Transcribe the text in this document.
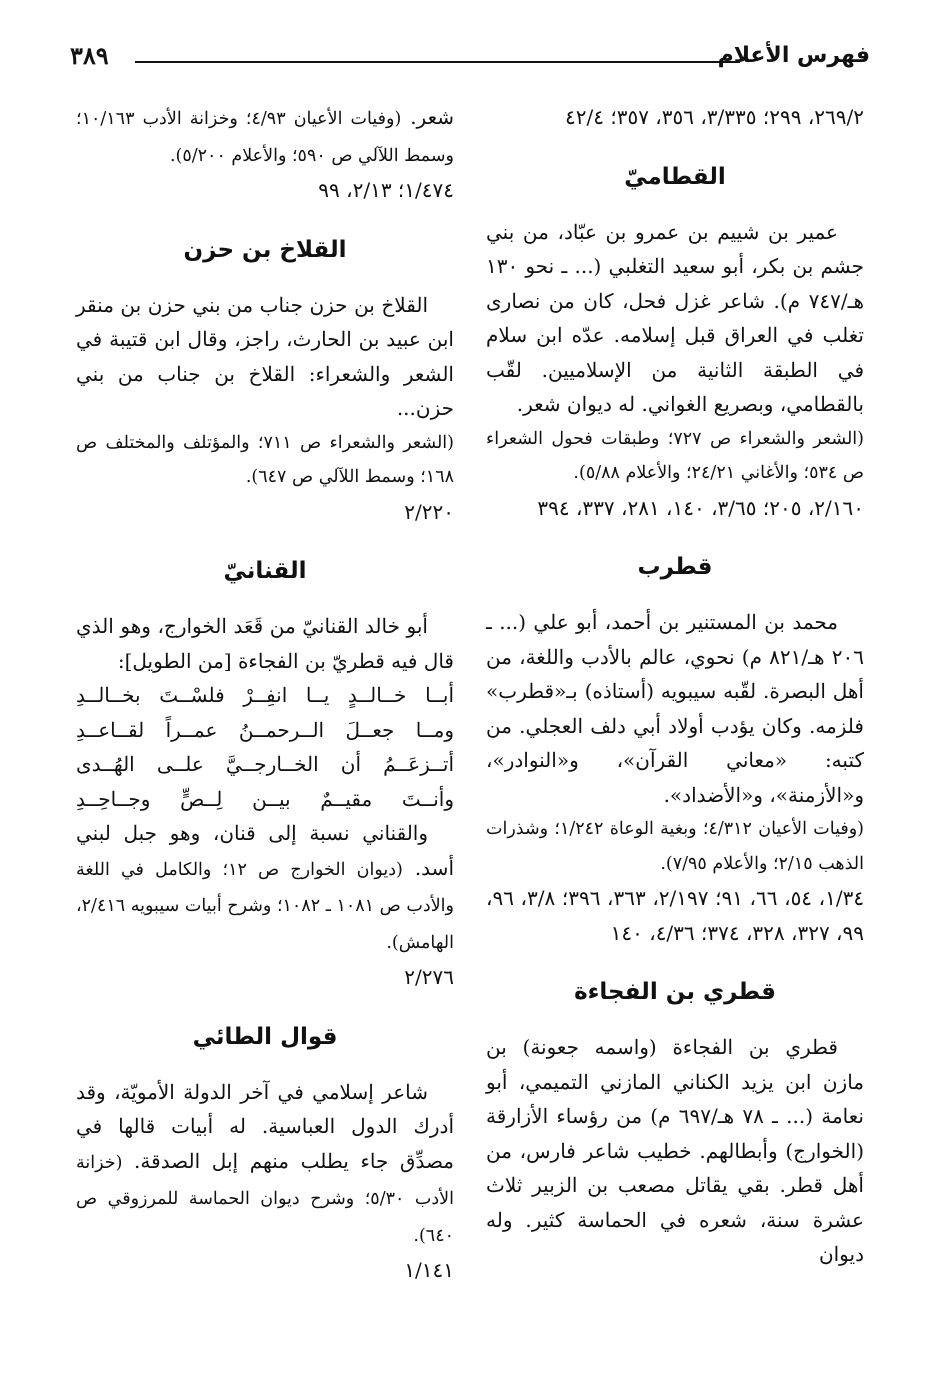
فهرس الأعلام
٣٨٩

٢٦٩/٢، ٢٩٩؛ ٣/٣٣٥، ٣٥٦، ٣٥٧؛ ٤٢/٤

القطاميّ

عمير بن شييم بن عمرو بن عبّاد، من بني جشم بن بكر، أبو سعيد التغلبي (... ـ نحو ١٣٠ هـ/٧٤٧ م). شاعر غزل فحل، كان من نصارى تغلب في العراق قبل إسلامه. عدّه ابن سلام في الطبقة الثانية من الإسلاميين. لقّب بالقطامي، وبصريع الغواني. له ديوان شعر.

(الشعر والشعراء ص ٧٢٧؛ وطبقات فحول الشعراء ص ٥٣٤؛ والأغاني ٢٤/٢١؛ والأعلام ٥/٨٨).

٢/١٦٠، ٢٠٥؛ ٣/٦٥، ١٤٠، ٢٨١، ٣٣٧، ٣٩٤

قطرب

محمد بن المستنير بن أحمد، أبو علي (... ـ ٢٠٦ هـ/٨٢١ م) نحوي، عالم بالأدب واللغة، من أهل البصرة. لقّبه سيبويه (أستاذه) بـ«قطرب» فلزمه. وكان يؤدب أولاد أبي دلف العجلي. من كتبه: «معاني القرآن»، و«النوادر»، و«الأزمنة»، و«الأضداد».

(وفيات الأعيان ٤/٣١٢؛ وبغية الوعاة ١/٢٤٢؛ وشذرات الذهب ٢/١٥؛ والأعلام ٧/٩٥).

١/٣٤، ٥٤، ٦٦، ٩١؛ ٢/١٩٧، ٣٦٣، ٣٩٦؛ ٣/٨، ٩٦، ٩٩، ٣٢٧، ٣٢٨، ٣٧٤؛ ٤/٣٦، ١٤٠

قطري بن الفجاءة

قطري بن الفجاءة (واسمه جعونة) بن مازن ابن يزيد الكناني المازني التميمي، أبو نعامة (... ـ ٧٨ هـ/٦٩٧ م) من رؤساء الأزارقة (الخوارج) وأبطالهم. خطيب شاعر فارس، من أهل قطر. بقي يقاتل مصعب بن الزبير ثلاث عشرة سنة، شعره في الحماسة كثير. وله ديوان

شعر. (وفيات الأعيان ٤/٩٣؛ وخزانة الأدب ١٠/١٦٣؛ وسمط اللآلي ص ٥٩٠؛ والأعلام ٥/٢٠٠).

١/٤٧٤؛ ٢/١٣، ٩٩

القلاخ بن حزن

القلاخ بن حزن جناب من بني حزن بن منقر ابن عبيد بن الحارث، راجز، وقال ابن قتيبة في الشعر والشعراء: القلاخ بن جناب من بني حزن...

(الشعر والشعراء ص ٧١١؛ والمؤتلف والمختلف ص ١٦٨؛ وسمط اللآلي ص ٦٤٧).

٢/٢٢٠

القنانيّ

أبو خالد القنانيّ من قَعَد الخوارج، وهو الذي قال فيه قطريّ بن الفجاءة [من الطويل]:

أبــا خــالــدٍ يــا انفِــرْ فلسْــتَ بخــالــدِ
ومــا جعــلَ الــرحمــنُ عمــراً لقــاعــدِ
أتــزعَــمُ أن الخــارجــيَّ علــى الهُــدى
وأنــتَ مقيــمٌ بيــن لِــصٍّ وجــاحِــدِ

والقناني نسبة إلى قنان، وهو جبل لبني أسد. (ديوان الخوارج ص ١٢؛ والكامل في اللغة والأدب ص ١٠٨١ ـ ١٠٨٢؛ وشرح أبيات سيبويه ٢/٤١٦، الهامش).

٢/٢٧٦

قوال الطائي

شاعر إسلامي في آخر الدولة الأمويّة، وقد أدرك الدول العباسية. له أبيات قالها في مصدِّق جاء يطلب منهم إبل الصدقة. (خزانة الأدب ٥/٣٠؛ وشرح ديوان الحماسة للمرزوقي ص ٦٤٠).

١/١٤١
